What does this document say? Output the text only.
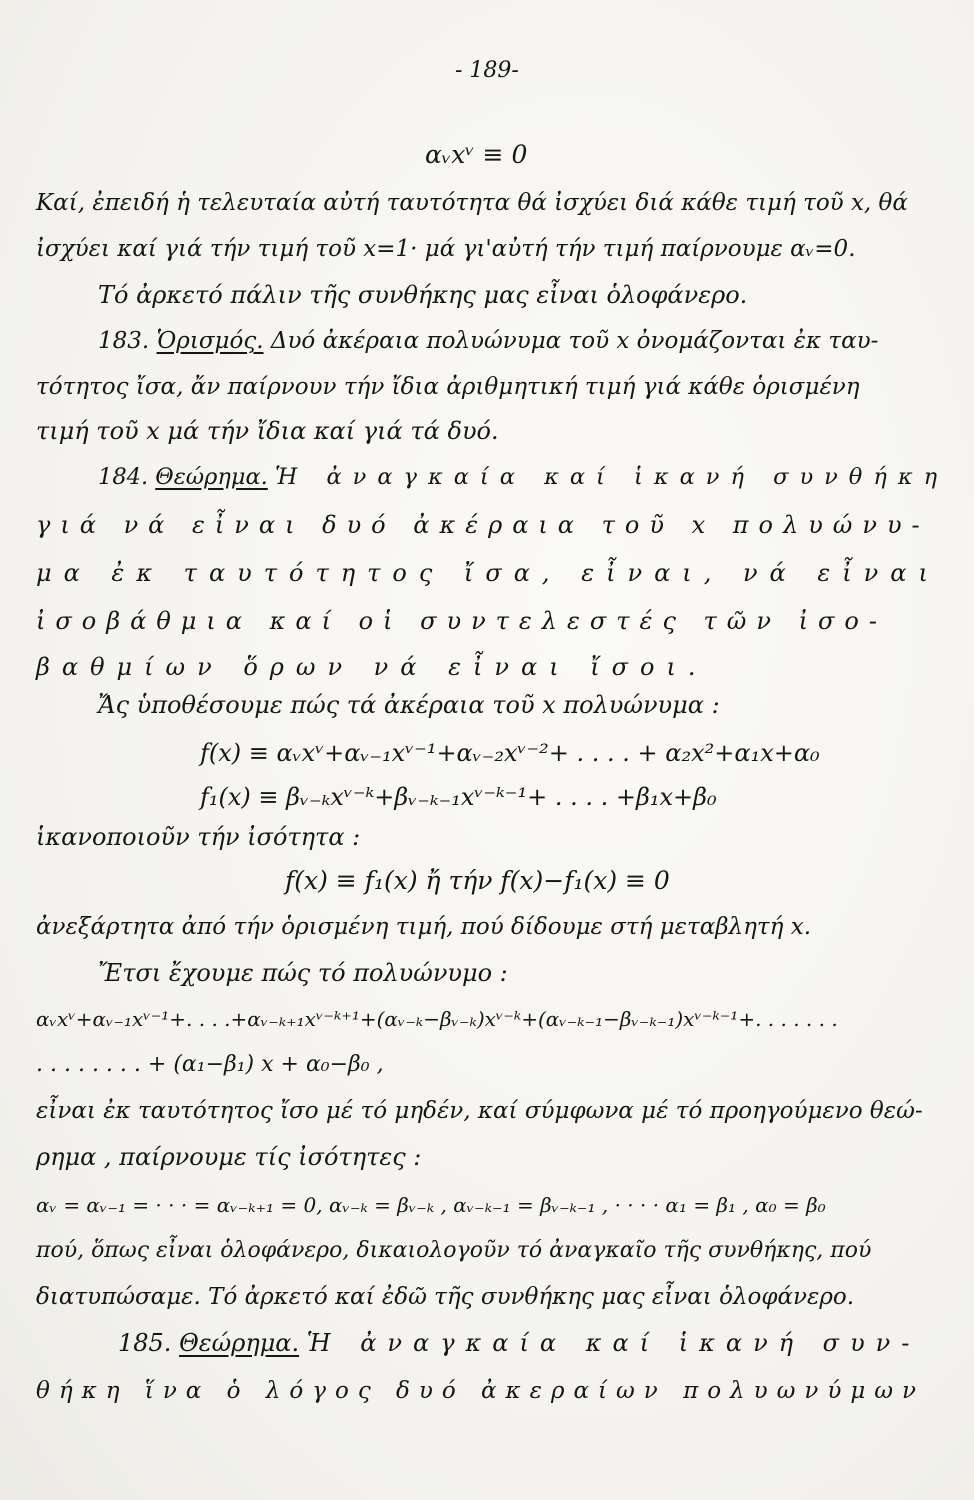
- 189-
αᵥxᵛ ≡ 0
Καί, ἐπειδή ἡ τελευταία αὐτή ταυτότητα θά ἰσχύει διά κάθε τιμή τοῦ x, θά
ἰσχύει καί γιά τήν τιμή τοῦ x=1· μά γι'αὐτή τήν τιμή παίρνουμε αᵥ=0.
Τό ἀρκετό πάλιν τῆς συνθήκης μας εἶναι ὁλοφάνερο.
183. Ὁρισμός. Δυό ἀκέραια πολυώνυμα τοῦ x ὀνομάζονται ἐκ ταυ-
τότητος ἴσα, ἄν παίρνουν τήν ἴδια ἀριθμητική τιμή γιά κάθε ὁρισμένη
τιμή τοῦ x μά τήν ἴδια καί γιά τά δυό.
184. Θεώρημα. Ἡ ἀναγκαία καί ἱκανή συνθήκη
γιά νά εἶναι δυό ἀκέραια τοῦ x πολυώνυ-
μα ἐκ ταυτότητος ἴσα, εἶναι, νά εἶναι
ἰσοβάθμια καί οἱ συντελεστές τῶν ἰσο-
βαθμίων ὅρων νά εἶναι ἴσοι.
Ἄς ὑποθέσουμε πώς τά ἀκέραια τοῦ x πολυώνυμα :
f(x) ≡ αᵥxᵛ+αᵥ₋₁xᵛ⁻¹+αᵥ₋₂xᵛ⁻²+ . . . . + α₂x²+α₁x+α₀
f₁(x) ≡ βᵥ₋ₖxᵛ⁻ᵏ+βᵥ₋ₖ₋₁xᵛ⁻ᵏ⁻¹+ . . . . +β₁x+β₀
ἱκανοποιοῦν τήν ἰσότητα :
f(x) ≡ f₁(x) ἤ τήν f(x)−f₁(x) ≡ 0
ἀνεξάρτητα ἀπό τήν ὁρισμένη τιμή, πού δίδουμε στή μεταβλητή x.
Ἔτσι ἔχουμε πώς τό πολυώνυμο :
αᵥxᵛ+αᵥ₋₁xᵛ⁻¹+. . . .+αᵥ₋ₖ₊₁xᵛ⁻ᵏ⁺¹+(αᵥ₋ₖ−βᵥ₋ₖ)xᵛ⁻ᵏ+(αᵥ₋ₖ₋₁−βᵥ₋ₖ₋₁)xᵛ⁻ᵏ⁻¹+. . . . . . .
. . . . . . . . + (α₁−β₁) x + α₀−β₀ ,
εἶναι ἐκ ταυτότητος ἴσο μέ τό μηδέν, καί σύμφωνα μέ τό προηγούμενο θεώ-
ρημα , παίρνουμε τίς ἰσότητες :
αᵥ = αᵥ₋₁ = · · · = αᵥ₋ₖ₊₁ = 0, αᵥ₋ₖ = βᵥ₋ₖ , αᵥ₋ₖ₋₁ = βᵥ₋ₖ₋₁ , · · · · α₁ = β₁ , α₀ = β₀
πού, ὅπως εἶναι ὁλοφάνερο, δικαιολογοῦν τό ἀναγκαῖο τῆς συνθήκης, πού
διατυπώσαμε. Τό ἀρκετό καί ἐδῶ τῆς συνθήκης μας εἶναι ὁλοφάνερο.
185. Θεώρημα. Ἡ ἀναγκαία καί ἱκανή συν-
θήκη ἵνα ὁ λόγος δυό ἀκεραίων πολυωνύμων
